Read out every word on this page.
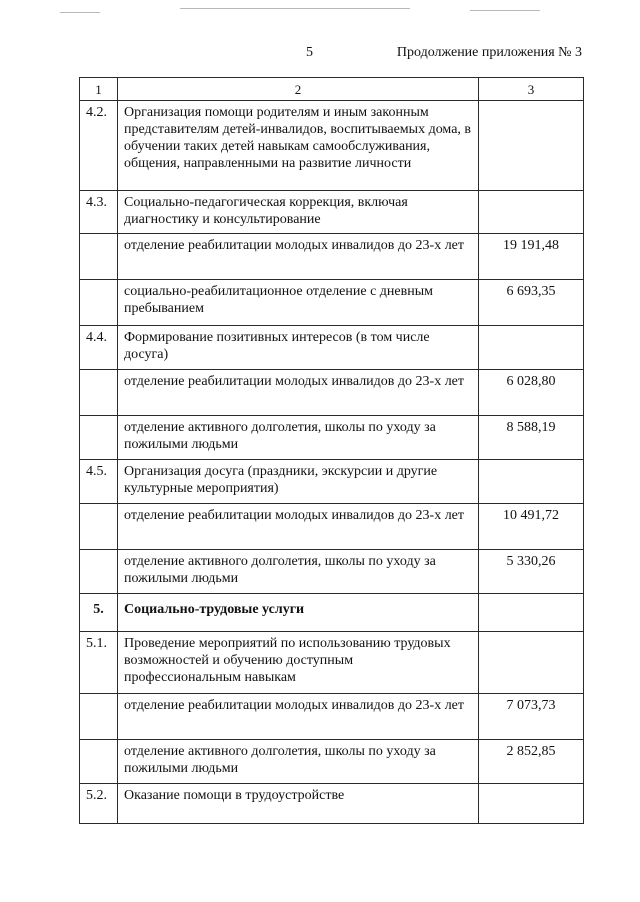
5	Продолжение приложения № 3
1	2	3
4.2.	Организация помощи родителям и иным законным представителям детей-инвалидов, воспитываемых дома, в обучении таких детей навыкам самообслуживания, общения, направленными на развитие личности	
4.3.	Социально-педагогическая коррекция, включая диагностику и консультирование	
	отделение реабилитации молодых инвалидов до 23-х лет	19 191,48
	социально-реабилитационное отделение с дневным пребыванием	6 693,35
4.4.	Формирование позитивных интересов (в том числе досуга)	
	отделение реабилитации молодых инвалидов до 23-х лет	6 028,80
	отделение активного долголетия, школы по уходу за пожилыми людьми	8 588,19
4.5.	Организация досуга (праздники, экскурсии и другие культурные мероприятия)	
	отделение реабилитации молодых инвалидов до 23-х лет	10 491,72
	отделение активного долголетия, школы по уходу за пожилыми людьми	5 330,26
5.	Социально-трудовые услуги	
5.1.	Проведение мероприятий по использованию трудовых возможностей и обучению доступным профессиональным навыкам	
	отделение реабилитации молодых инвалидов до 23-х лет	7 073,73
	отделение активного долголетия, школы по уходу за пожилыми людьми	2 852,85
5.2.	Оказание помощи в трудоустройстве	
